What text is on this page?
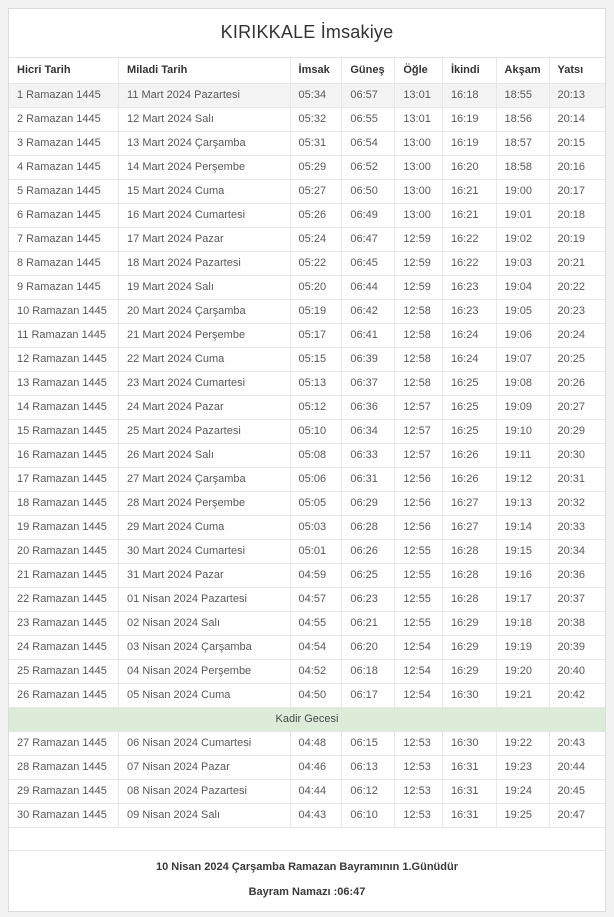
KIRIKKALE İmsakiye
Hicri Tarih	Miladi Tarih	İmsak	Güneş	Öğle	İkindi	Akşam	Yatsı
1 Ramazan 1445	11 Mart 2024 Pazartesi	05:34	06:57	13:01	16:18	18:55	20:13
2 Ramazan 1445	12 Mart 2024 Salı	05:32	06:55	13:01	16:19	18:56	20:14
3 Ramazan 1445	13 Mart 2024 Çarşamba	05:31	06:54	13:00	16:19	18:57	20:15
4 Ramazan 1445	14 Mart 2024 Perşembe	05:29	06:52	13:00	16:20	18:58	20:16
5 Ramazan 1445	15 Mart 2024 Cuma	05:27	06:50	13:00	16:21	19:00	20:17
6 Ramazan 1445	16 Mart 2024 Cumartesi	05:26	06:49	13:00	16:21	19:01	20:18
7 Ramazan 1445	17 Mart 2024 Pazar	05:24	06:47	12:59	16:22	19:02	20:19
8 Ramazan 1445	18 Mart 2024 Pazartesi	05:22	06:45	12:59	16:22	19:03	20:21
9 Ramazan 1445	19 Mart 2024 Salı	05:20	06:44	12:59	16:23	19:04	20:22
10 Ramazan 1445	20 Mart 2024 Çarşamba	05:19	06:42	12:58	16:23	19:05	20:23
11 Ramazan 1445	21 Mart 2024 Perşembe	05:17	06:41	12:58	16:24	19:06	20:24
12 Ramazan 1445	22 Mart 2024 Cuma	05:15	06:39	12:58	16:24	19:07	20:25
13 Ramazan 1445	23 Mart 2024 Cumartesi	05:13	06:37	12:58	16:25	19:08	20:26
14 Ramazan 1445	24 Mart 2024 Pazar	05:12	06:36	12:57	16:25	19:09	20:27
15 Ramazan 1445	25 Mart 2024 Pazartesi	05:10	06:34	12:57	16:25	19:10	20:29
16 Ramazan 1445	26 Mart 2024 Salı	05:08	06:33	12:57	16:26	19:11	20:30
17 Ramazan 1445	27 Mart 2024 Çarşamba	05:06	06:31	12:56	16:26	19:12	20:31
18 Ramazan 1445	28 Mart 2024 Perşembe	05:05	06:29	12:56	16:27	19:13	20:32
19 Ramazan 1445	29 Mart 2024 Cuma	05:03	06:28	12:56	16:27	19:14	20:33
20 Ramazan 1445	30 Mart 2024 Cumartesi	05:01	06:26	12:55	16:28	19:15	20:34
21 Ramazan 1445	31 Mart 2024 Pazar	04:59	06:25	12:55	16:28	19:16	20:36
22 Ramazan 1445	01 Nisan 2024 Pazartesi	04:57	06:23	12:55	16:28	19:17	20:37
23 Ramazan 1445	02 Nisan 2024 Salı	04:55	06:21	12:55	16:29	19:18	20:38
24 Ramazan 1445	03 Nisan 2024 Çarşamba	04:54	06:20	12:54	16:29	19:19	20:39
25 Ramazan 1445	04 Nisan 2024 Perşembe	04:52	06:18	12:54	16:29	19:20	20:40
26 Ramazan 1445	05 Nisan 2024 Cuma	04:50	06:17	12:54	16:30	19:21	20:42
Kadir Gecesi							
27 Ramazan 1445	06 Nisan 2024 Cumartesi	04:48	06:15	12:53	16:30	19:22	20:43
28 Ramazan 1445	07 Nisan 2024 Pazar	04:46	06:13	12:53	16:31	19:23	20:44
29 Ramazan 1445	08 Nisan 2024 Pazartesi	04:44	06:12	12:53	16:31	19:24	20:45
30 Ramazan 1445	09 Nisan 2024 Salı	04:43	06:10	12:53	16:31	19:25	20:47

10 Nisan 2024 Çarşamba Ramazan Bayramının 1.Günüdür
Bayram Namazı :06:47
